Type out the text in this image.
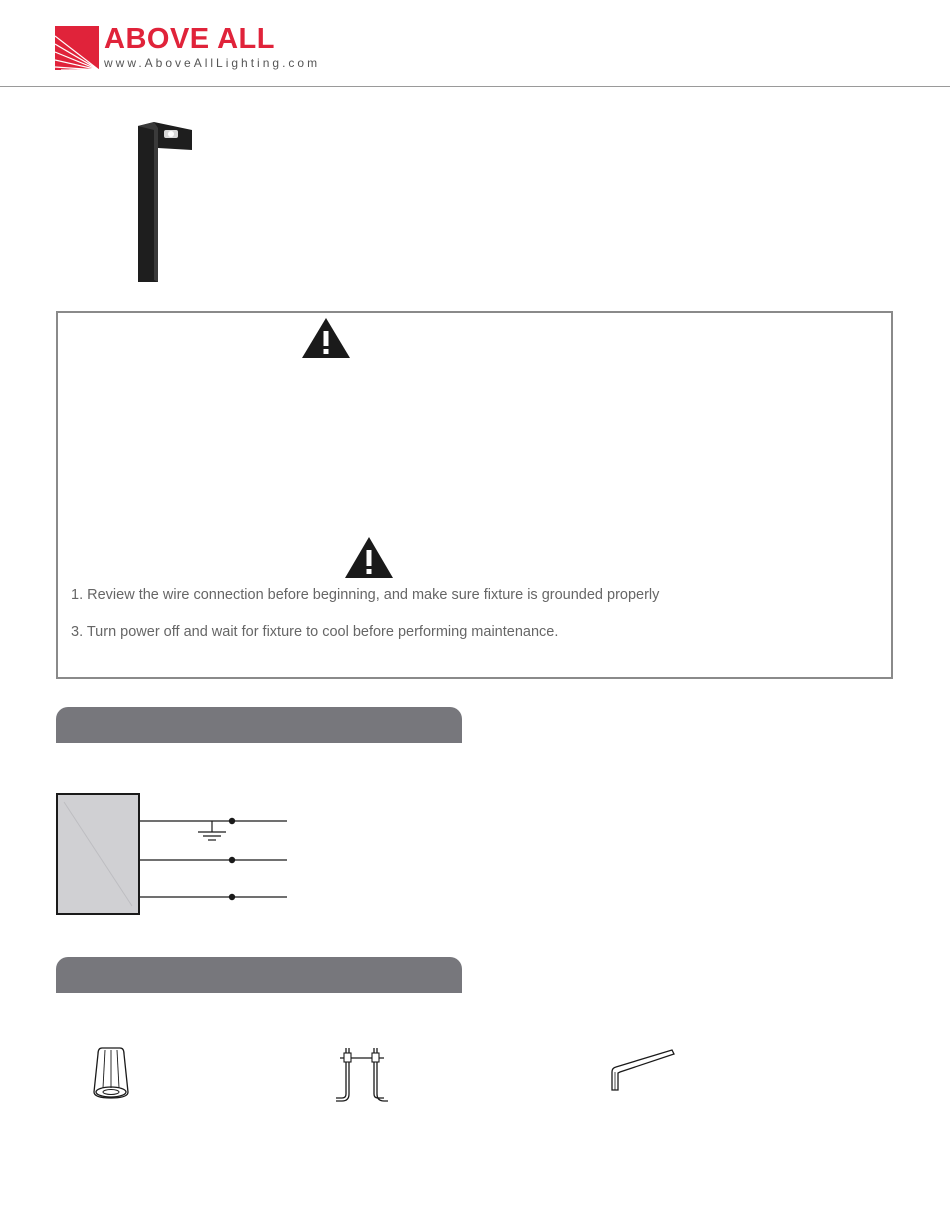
ABOVE ALL
www.AboveAllLighting.com
1. Review the wire connection before beginning, and make sure fixture is grounded properly
3. Turn power off and wait for fixture to cool before performing maintenance.
